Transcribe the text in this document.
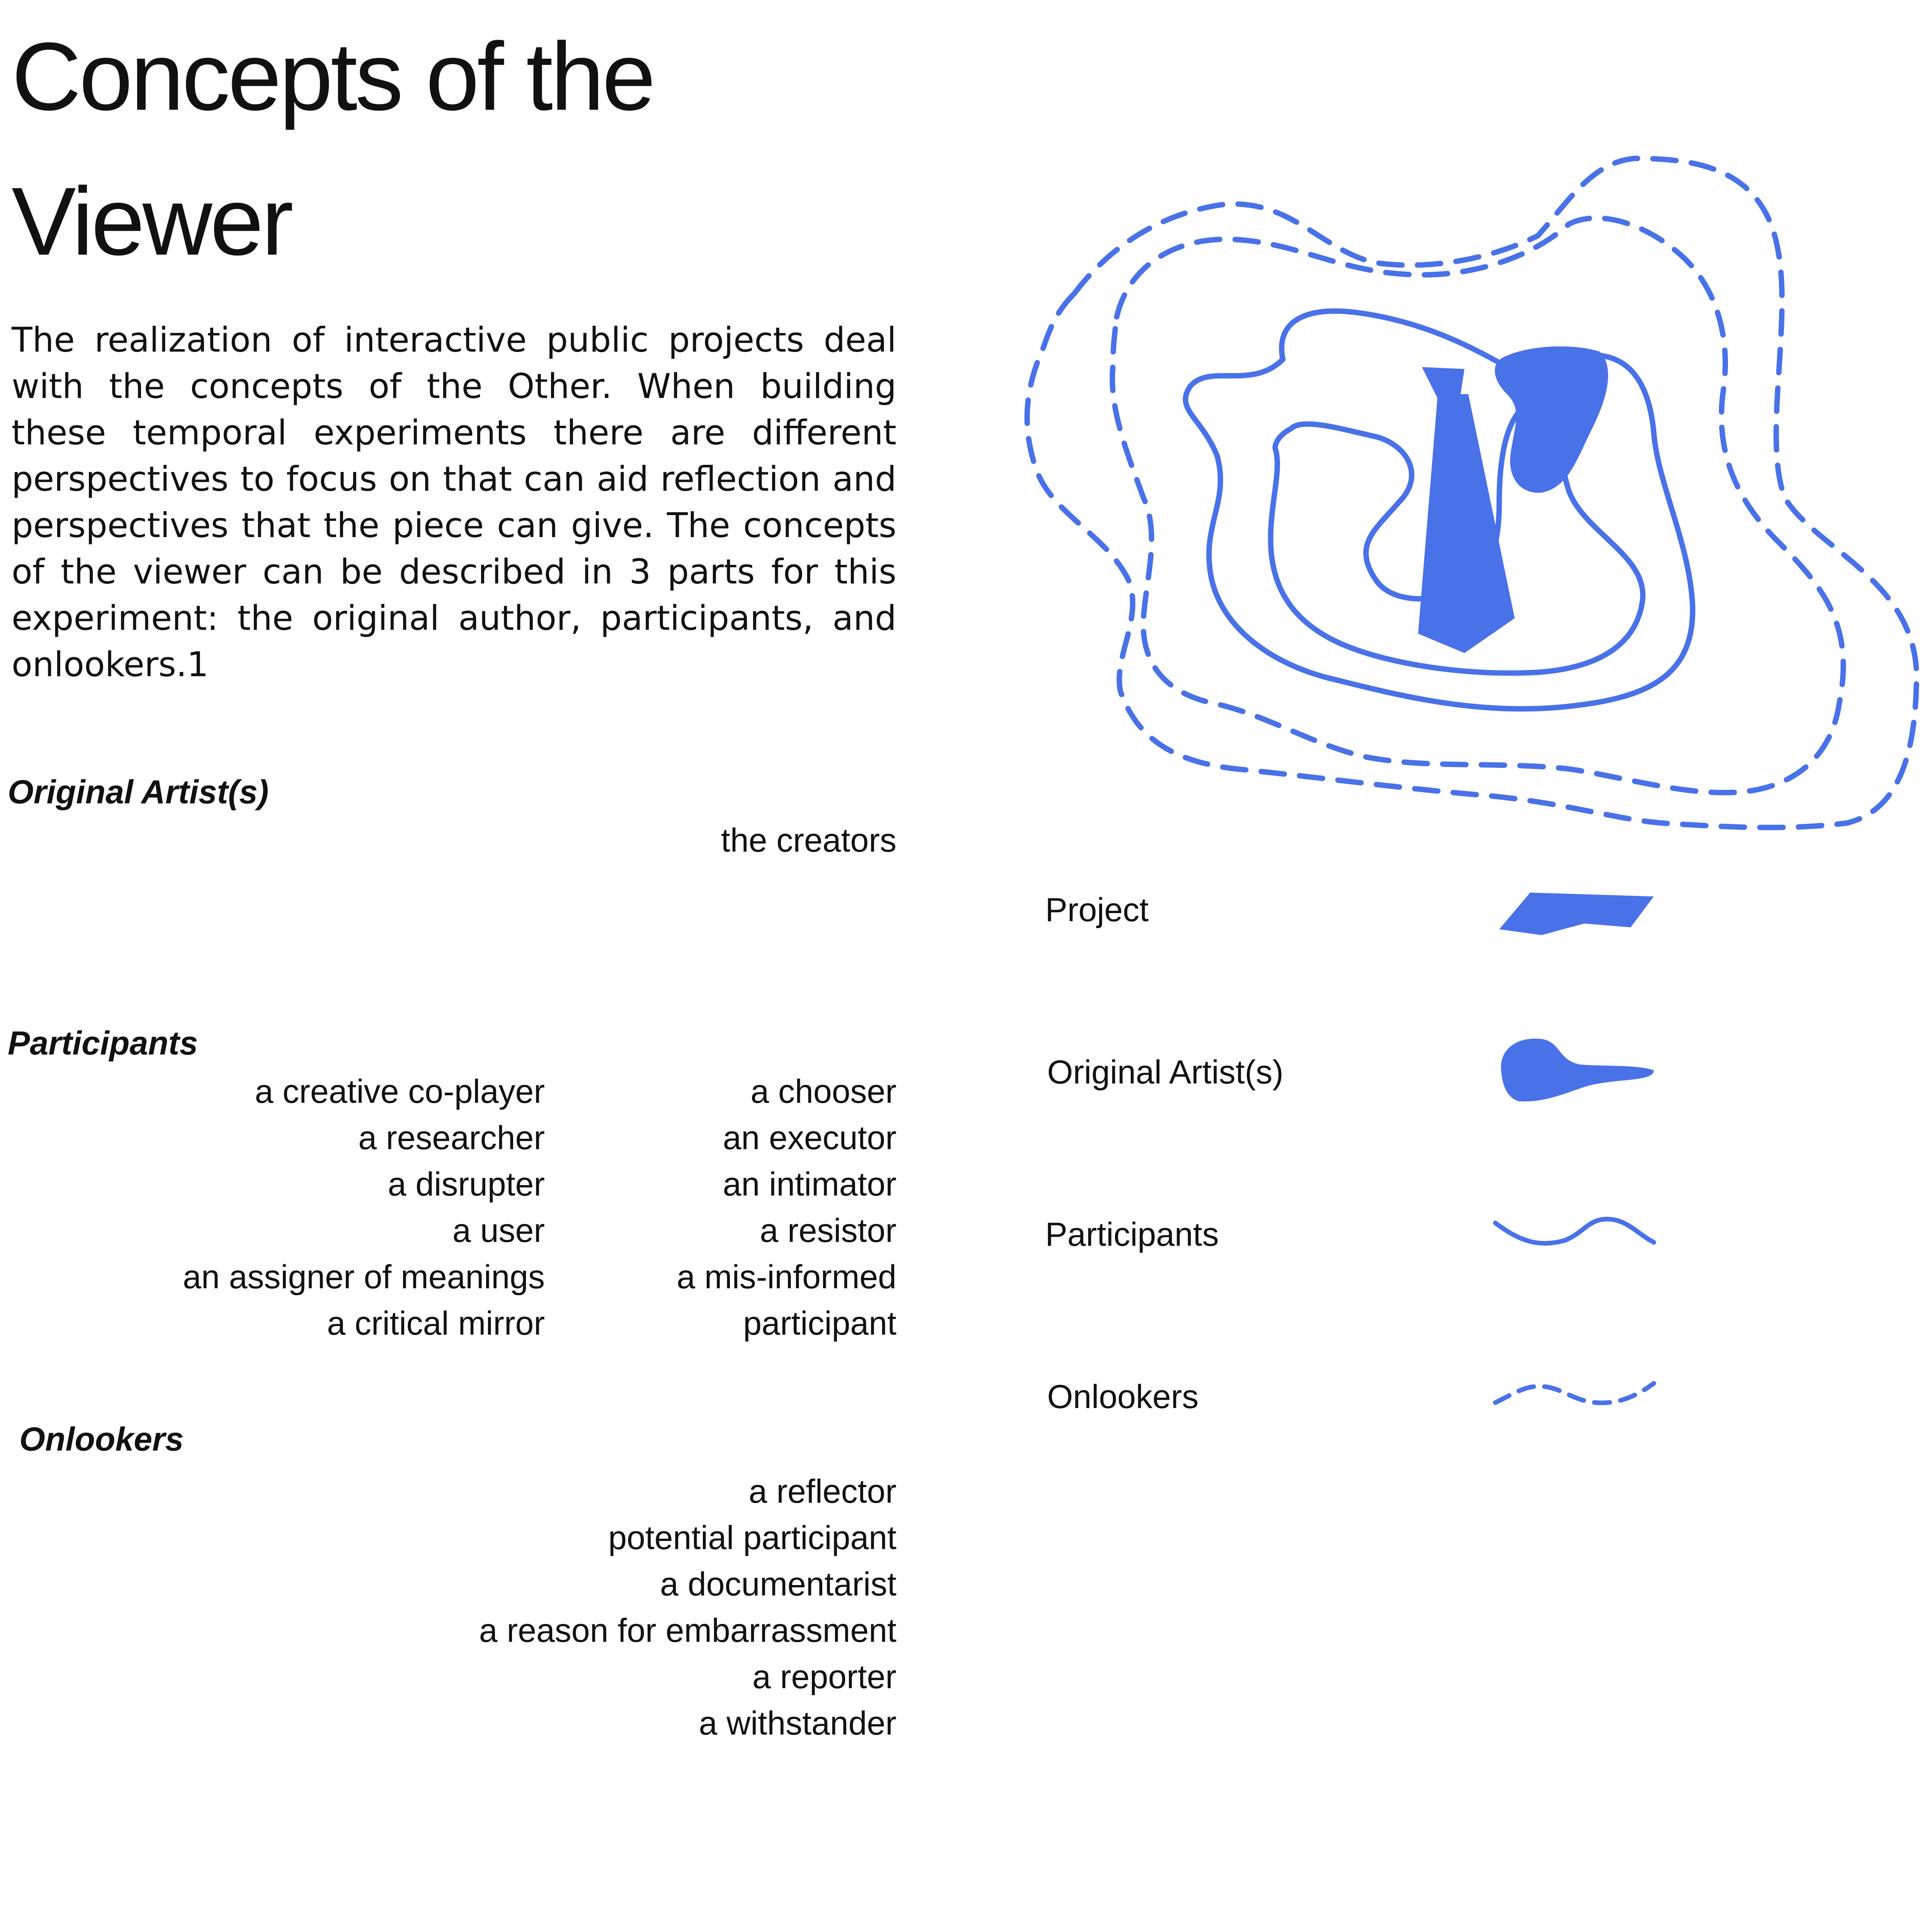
Concepts of the Viewer

The realization of interactive public projects deal with the concepts of the Other. When building these temporal experiments there are different perspectives to focus on that can aid reflection and perspectives that the piece can give. The concepts of the viewer can be described in 3 parts for this experiment: the original author, participants, and onlookers.1

Original Artist(s)
the creators
Participants
a creative co-player
a researcher
a disrupter
a user
an assigner of meanings
a critical mirror
a chooser
an executor
an intimator
a resistor
a mis-informed
participant
Onlookers
a reflector
potential participant
a documentarist
a reason for embarrassment
a reporter
a withstander
Project
Original Artist(s)
Participants
Onlookers
